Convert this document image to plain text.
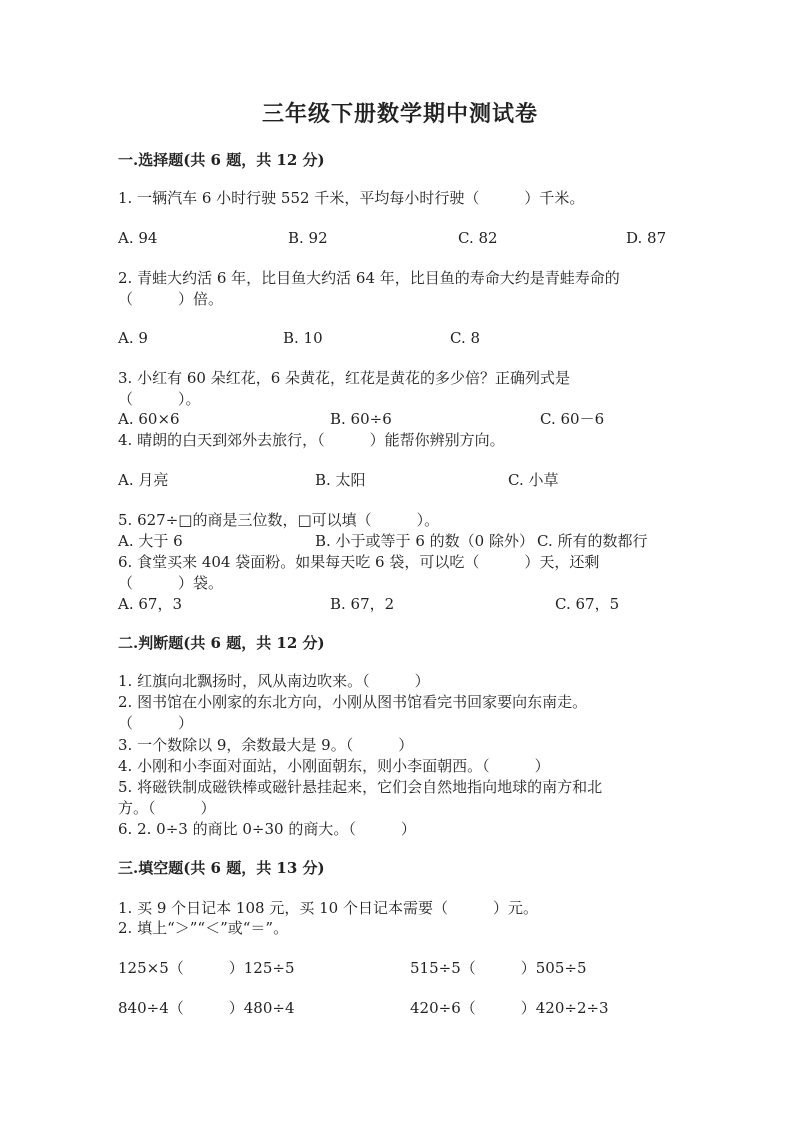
三年级下册数学期中测试卷
一.选择题(共 6 题，共 12 分)
1. 一辆汽车 6 小时行驶 552 千米，平均每小时行驶（　　　）千米。
A. 94	B. 92	C. 82	D. 87
2. 青蛙大约活 6 年，比目鱼大约活 64 年，比目鱼的寿命大约是青蛙寿命的
（　　　）倍。
A. 9	B. 10	C. 8
3. 小红有 60 朵红花，6 朵黄花，红花是黄花的多少倍？正确列式是
（　　　）。
A. 60×6	B. 60÷6	C. 60－6
4. 晴朗的白天到郊外去旅行，（　　　）能帮你辨别方向。
A. 月亮	B. 太阳	C. 小草
5. 627÷□的商是三位数，□可以填（　　　）。
A. 大于 6	B. 小于或等于 6 的数（0 除外） C. 所有的数都行
6. 食堂买来 404 袋面粉。如果每天吃 6 袋，可以吃（　　　）天，还剩
（　　　）袋。
A. 67，3	B. 67，2	C. 67，5
二.判断题(共 6 题，共 12 分)
1. 红旗向北飘扬时，风从南边吹来。（　　　）
2. 图书馆在小刚家的东北方向，小刚从图书馆看完书回家要向东南走。
（　　　）
3. 一个数除以 9，余数最大是 9。（　　　）
4. 小刚和小李面对面站，小刚面朝东，则小李面朝西。（　　　）
5. 将磁铁制成磁铁棒或磁针悬挂起来，它们会自然地指向地球的南方和北
方。（　　　）
6. 2. 0÷3 的商比 0÷30 的商大。（　　　）
三.填空题(共 6 题，共 13 分)
1. 买 9 个日记本 108 元，买 10 个日记本需要（　　　）元。
2. 填上“＞”“＜”或“＝”。
125×5（　　　）125÷5	515÷5（　　　）505÷5
840÷4（　　　）480÷4	420÷6（　　　）420÷2÷3
